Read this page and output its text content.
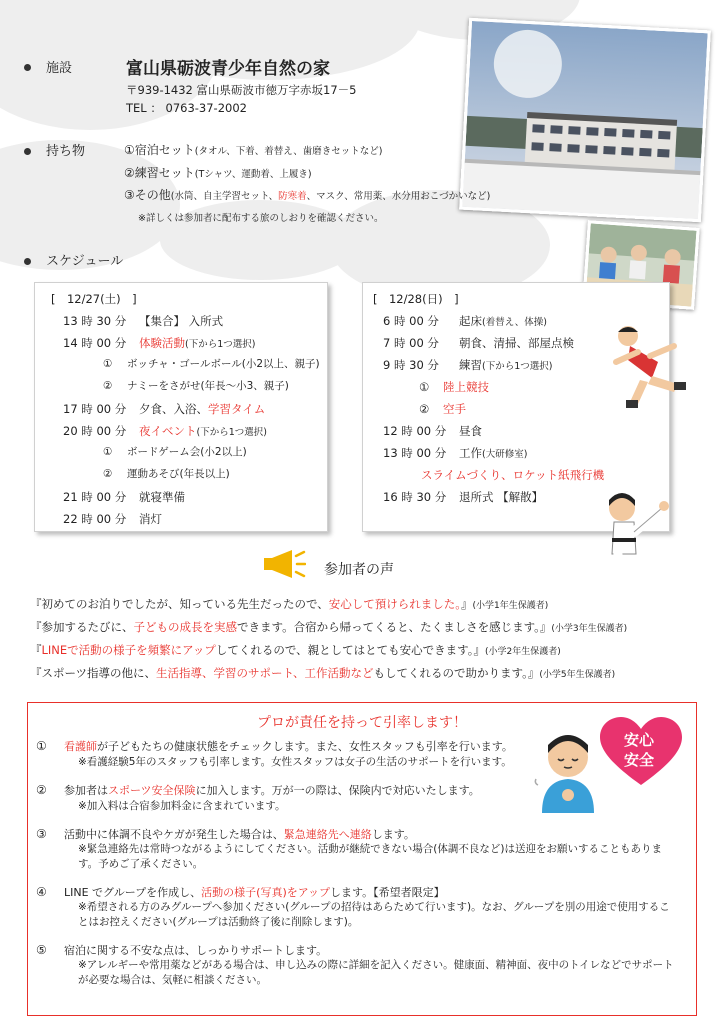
施設	富山県砺波青少年自然の家
〒939-1432 富山県砺波市徳万字赤坂17－5
TEL ： 0763-37-2002
持ち物	①宿泊セット(タオル、下着、着替え、歯磨きセットなど)
②練習セット(Tシャツ、運動着、上履き)
③その他(水筒、自主学習セット、防寒着、マスク、常用薬、水分用おこづかいなど)
※詳しくは参加者に配布する旅のしおりを確認ください。
スケジュール
[　12/27(土)　]
13 時 30 分 【集合】 入所式
14 時 00 分 体験活動(下から1つ選択)
① ボッチャ・ゴールボール(小2以上、親子)
② ナミーをさがせ(年長～小3、親子)
17 時 00 分 夕食、入浴、学習タイム
20 時 00 分 夜イベント(下から1つ選択)
① ボードゲーム会(小2以上)
② 運動あそび(年長以上)
21 時 00 分 就寝準備
22 時 00 分 消灯
[　12/28(日)　]
6 時 00 分 起床(着替え、体操)
7 時 00 分 朝食、清掃、部屋点検
9 時 30 分 練習(下から1つ選択)
① 陸上競技
② 空手
12 時 00 分 昼食
13 時 00 分 工作(大研修室)
スライムづくり、ロケット紙飛行機
16 時 30 分 退所式 【解散】
参加者の声
『初めてのお泊りでしたが、知っている先生だったので、安心して預けられました。』(小学1年生保護者)
『参加するたびに、子どもの成長を実感できます。合宿から帰ってくると、たくましさを感じます。』(小学3年生保護者)
『LINEで活動の様子を頻繁にアップしてくれるので、親としてはとても安心できます。』(小学2年生保護者)
『スポーツ指導の他に、生活指導、学習のサポート、工作活動などもしてくれるので助かります。』(小学5年生保護者)
プロが責任を持って引率します！
① 看護師が子どもたちの健康状態をチェックします。また、女性スタッフも引率を行います。
※看護経験5年のスタッフも引率します。女性スタッフは女子の生活のサポートを行います。
② 参加者はスポーツ安全保険に加入します。万が一の際は、保険内で対応いたします。
※加入料は合宿参加料金に含まれています。
③ 活動中に体調不良やケガが発生した場合は、緊急連絡先へ連絡します。
※緊急連絡先は常時つながるようにしてください。活動が継続できない場合(体調不良など)は送迎をお願いすることもあります。予めご了承ください。
④ LINE でグループを作成し、活動の様子(写真)をアップします。【希望者限定】
※希望される方のみグループへ参加ください(グループの招待はあらためて行います)。なお、グループを別の用途で使用することはお控えください(グループは活動終了後に削除します)。
⑤ 宿泊に関する不安な点は、しっかりサポートします。
※アレルギーや常用薬などがある場合は、申し込みの際に詳細を記入ください。健康面、精神面、夜中のトイレなどでサポートが必要な場合は、気軽に相談ください。
安心
安全
